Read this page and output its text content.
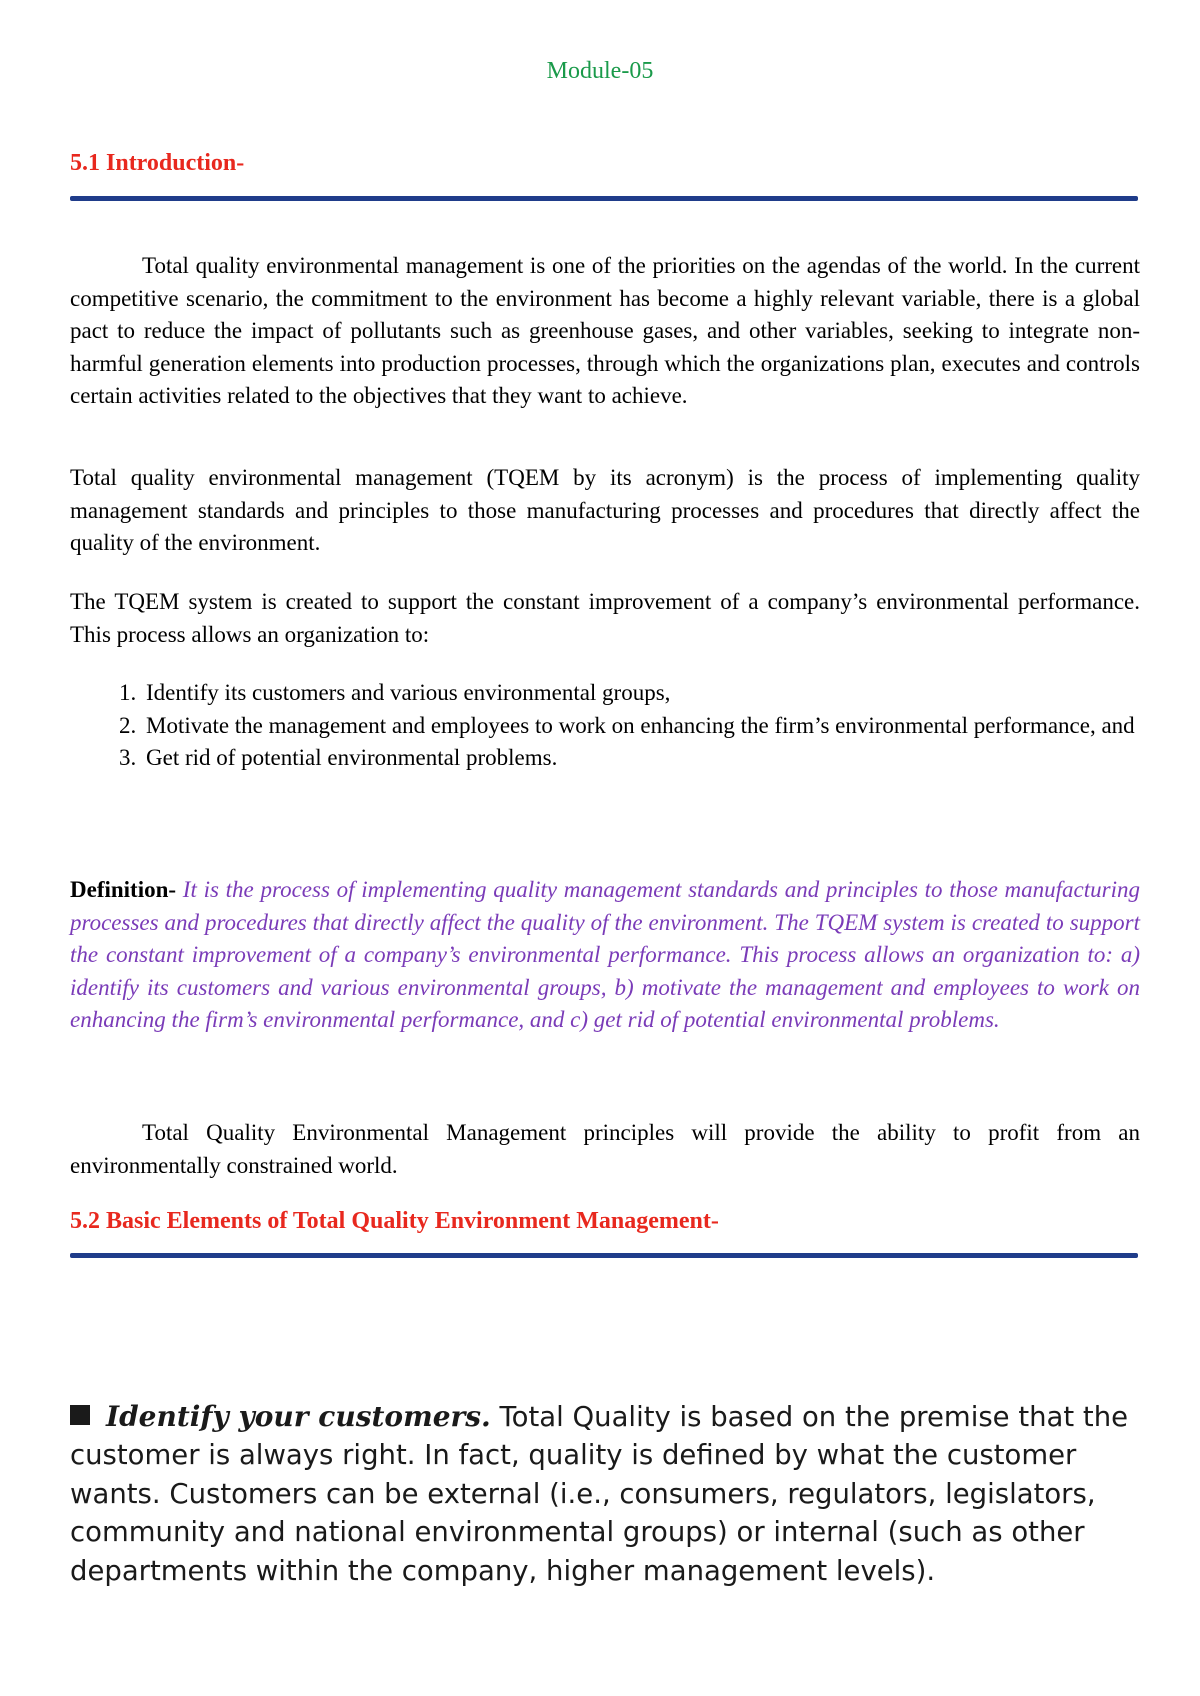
Module-05
5.1 Introduction-

Total quality environmental management is one of the priorities on the agendas of the world. In the current competitive scenario, the commitment to the environment has become a highly relevant variable, there is a global pact to reduce the impact of pollutants such as greenhouse gases, and other variables, seeking to integrate non-harmful generation elements into production processes, through which the organizations plan, executes and controls certain activities related to the objectives that they want to achieve.

Total quality environmental management (TQEM by its acronym) is the process of implementing quality management standards and principles to those manufacturing processes and procedures that directly affect the quality of the environment.

The TQEM system is created to support the constant improvement of a company’s environmental performance. This process allows an organization to:

1. Identify its customers and various environmental groups,
2. Motivate the management and employees to work on enhancing the firm’s environmental performance, and
3. Get rid of potential environmental problems.

Definition- It is the process of implementing quality management standards and principles to those manufacturing processes and procedures that directly affect the quality of the environment. The TQEM system is created to support the constant improvement of a company’s environmental performance. This process allows an organization to: a) identify its customers and various environmental groups, b) motivate the management and employees to work on enhancing the firm’s environmental performance, and c) get rid of potential environmental problems.

Total Quality Environmental Management principles will provide the ability to profit from an environmentally constrained world.

5.2 Basic Elements of Total Quality Environment Management-
Identify your customers. Total Quality is based on the premise that the customer is always right. In fact, quality is defined by what the customer wants. Customers can be external (i.e., consumers, regulators, legislators, community and national environmental groups) or internal (such as other departments within the company, higher management levels).
